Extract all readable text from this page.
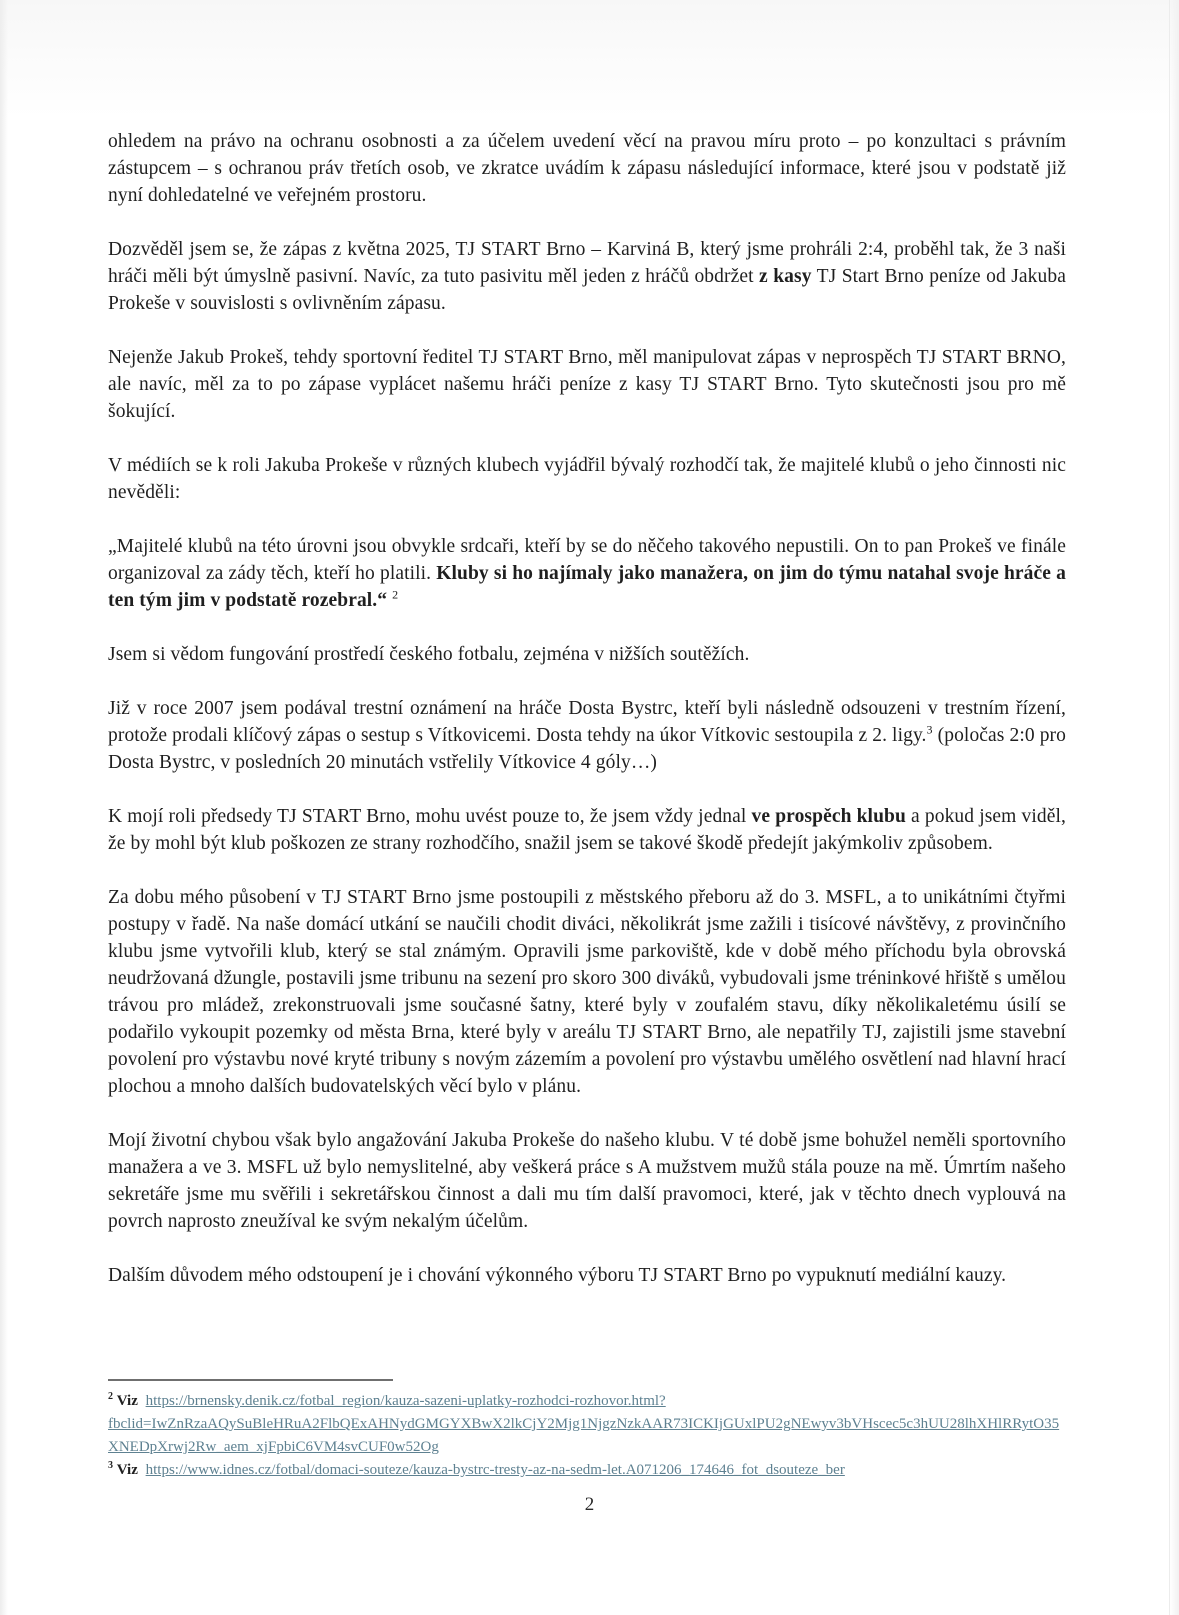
ohledem na právo na ochranu osobnosti a za účelem uvedení věcí na pravou míru proto – po konzultaci s právním zástupcem – s ochranou práv třetích osob, ve zkratce uvádím k zápasu následující informace, které jsou v podstatě již nyní dohledatelné ve veřejném prostoru.

Dozvěděl jsem se, že zápas z května 2025, TJ START Brno – Karviná B, který jsme prohráli 2:4, proběhl tak, že 3 naši hráči měli být úmyslně pasivní. Navíc, za tuto pasivitu měl jeden z hráčů obdržet z kasy TJ Start Brno peníze od Jakuba Prokeše v souvislosti s ovlivněním zápasu.

Nejenže Jakub Prokeš, tehdy sportovní ředitel TJ START Brno, měl manipulovat zápas v neprospěch TJ START BRNO, ale navíc, měl za to po zápase vyplácet našemu hráči peníze z kasy TJ START Brno. Tyto skutečnosti jsou pro mě šokující.

V médiích se k roli Jakuba Prokeše v různých klubech vyjádřil bývalý rozhodčí tak, že majitelé klubů o jeho činnosti nic nevěděli:

„Majitelé klubů na této úrovni jsou obvykle srdcaři, kteří by se do něčeho takového nepustili. On to pan Prokeš ve finále organizoval za zády těch, kteří ho platili. Kluby si ho najímaly jako manažera, on jim do týmu natahal svoje hráče a ten tým jim v podstatě rozebral.“ $^2$

Jsem si vědom fungování prostředí českého fotbalu, zejména v nižších soutěžích.

Již v roce 2007 jsem podával trestní oznámení na hráče Dosta Bystrc, kteří byli následně odsouzeni v trestním řízení, protože prodali klíčový zápas o sestup s Vítkovicemi. Dosta tehdy na úkor Vítkovic sestoupila z 2. ligy.$^3$ (poločas 2:0 pro Dosta Bystrc, v posledních 20 minutách vstřelily Vítkovice 4 góly…)

K mojí roli předsedy TJ START Brno, mohu uvést pouze to, že jsem vždy jednal ve prospěch klubu a pokud jsem viděl, že by mohl být klub poškozen ze strany rozhodčího, snažil jsem se takové škodě předejít jakýmkoliv způsobem.

Za dobu mého působení v TJ START Brno jsme postoupili z městského přeboru až do 3. MSFL, a to unikátními čtyřmi postupy v řadě. Na naše domácí utkání se naučili chodit diváci, několikrát jsme zažili i tisícové návštěvy, z provinčního klubu jsme vytvořili klub, který se stal známým. Opravili jsme parkoviště, kde v době mého příchodu byla obrovská neudržovaná džungle, postavili jsme tribunu na sezení pro skoro 300 diváků, vybudovali jsme tréninkové hřiště s umělou trávou pro mládež, zrekonstruovali jsme současné šatny, které byly v zoufalém stavu, díky několikaletému úsilí se podařilo vykoupit pozemky od města Brna, které byly v areálu TJ START Brno, ale nepatřily TJ, zajistili jsme stavební povolení pro výstavbu nové kryté tribuny s novým zázemím a povolení pro výstavbu umělého osvětlení nad hlavní hrací plochou a mnoho dalších budovatelských věcí bylo v plánu.

Mojí životní chybou však bylo angažování Jakuba Prokeše do našeho klubu. V té době jsme bohužel neměli sportovního manažera a ve 3. MSFL už bylo nemyslitelné, aby veškerá práce s A mužstvem mužů stála pouze na mě. Úmrtím našeho sekretáře jsme mu svěřili i sekretářskou činnost a dali mu tím další pravomoci, které, jak v těchto dnech vyplouvá na povrch naprosto zneužíval ke svým nekalým účelům.

Dalším důvodem mého odstoupení je i chování výkonného výboru TJ START Brno po vypuknutí mediální kauzy.

$^2$ Viz https://brnensky.denik.cz/fotbal_region/kauza-sazeni-uplatky-rozhodci-rozhovor.html?fbclid=IwZnRzaAQySuBleHRuA2FlbQExAHNydGMGYXBwX2lkCjY2Mjg1NjgzNzkAAR73ICKIjGUxlPU2gNEwyv3bVHscec5c3hUU28lhXHlRRytO35XNEDpXrwj2Rw_aem_xjFpbiC6VM4svCUF0w52Og
$^3$ Viz https://www.idnes.cz/fotbal/domaci-souteze/kauza-bystrc-tresty-az-na-sedm-let.A071206_174646_fot_dsouteze_ber
2
